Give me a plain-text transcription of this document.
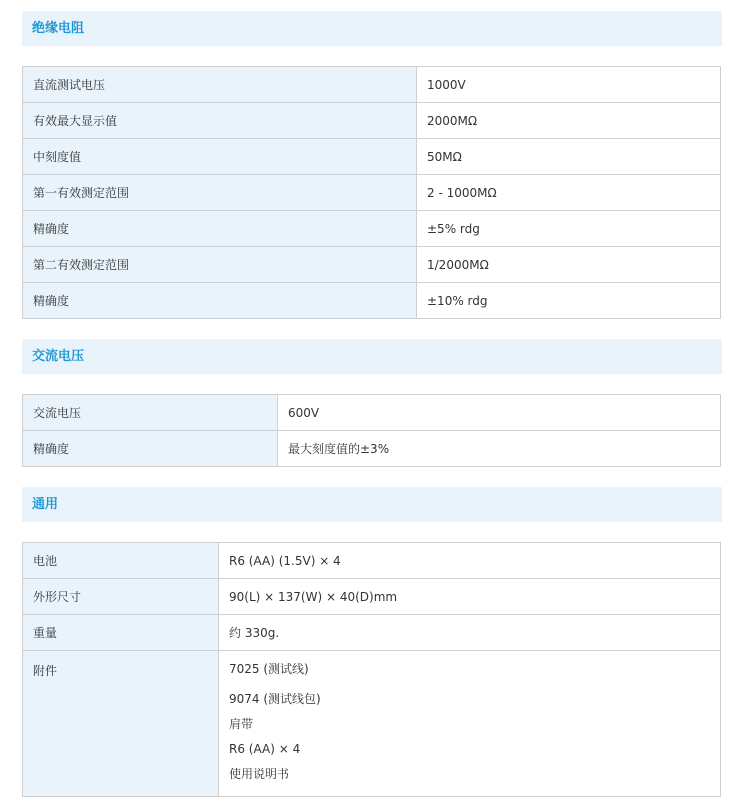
绝缘电阻
直流测试电压	1000V
有效最大显示值	2000MΩ
中刻度值	50MΩ
第一有效测定范围	2 - 1000MΩ
精确度	±5% rdg
第二有效测定范围	1/2000MΩ
精确度	±10% rdg
交流电压
交流电压	600V
精确度	最大刻度值的±3%
通用
电池	R6 (AA) (1.5V) × 4
外形尺寸	90(L) × 137(W) × 40(D)mm
重量	约 330g.
附件	7025 (测试线)
9074 (测试线包)
肩带
R6 (AA) × 4
使用说明书
